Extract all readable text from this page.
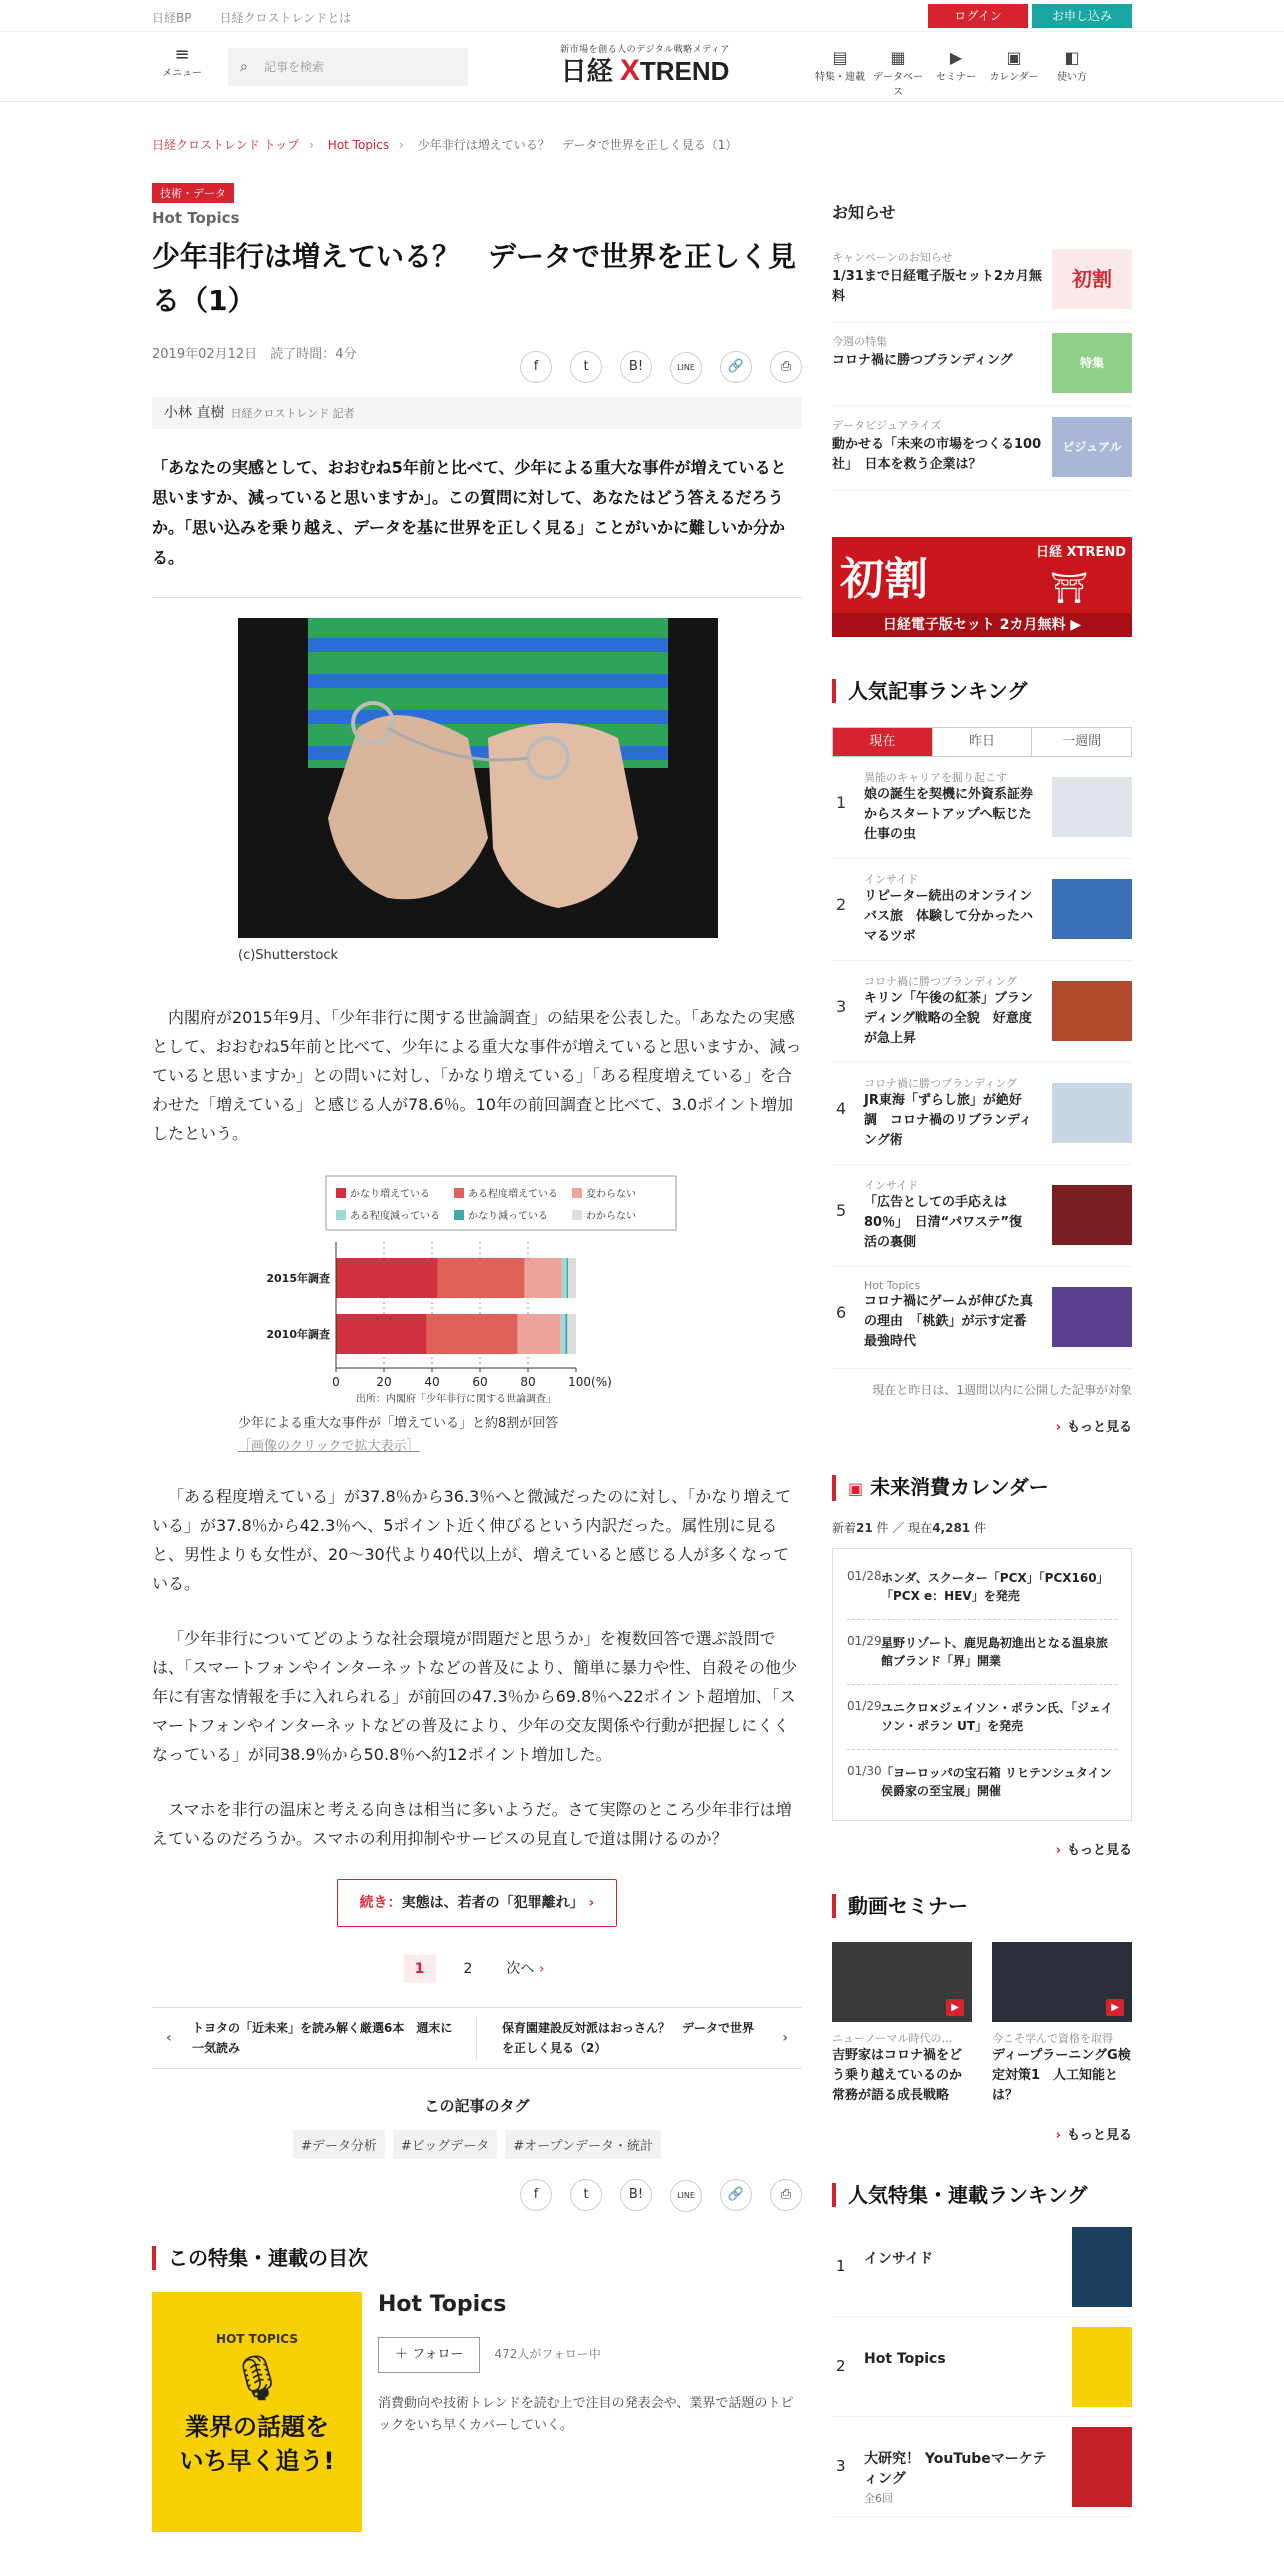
日経BP 日経クロストレンドとは	ログイン	お申し込み
≡
メニュー	⌕ 記事を検索
新市場を創る人のデジタル戦略メディア
日経 XTREND	▤
特集・連載
▦
データベース
▶
セミナー
▣
カレンダー
◧
使い方
日経クロストレンド トップ › Hot Topics › 少年非行は増えている？　データで世界を正しく見る（1）
技術・データ
Hot Topics
少年非行は増えている？　データで世界を正しく見る（1）
2019年02月12日　 読了時間：4分
f	t	B!	LINE	🔗	⎙
小林 直樹 日経クロストレンド 記者
「あなたの実感として、おおむね5年前と比べて、少年による重大な事件が増えていると思いますか、減っていると思いますか」。この質問に対して、あなたはどう答えるだろうか。「思い込みを乗り越え、データを基に世界を正しく見る」ことがいかに難しいか分かる。
(c)Shutterstock

内閣府が2015年9月、「少年非行に関する世論調査」の結果を公表した。「あなたの実感として、おおむね5年前と比べて、少年による重大な事件が増えていると思いますか、減っていると思いますか」との問いに対し、「かなり増えている」「ある程度増えている」を合わせた「増えている」と感じる人が78.6％。10年の前回調査と比べて、3.0ポイント増加したという。

かなり増えている	ある程度増えている	変わらない
ある程度減っている	かなり減っている	わからない
2015年調査
2010年調査
0	20	40	60	80	100(%)
出所：内閣府「少年非行に関する世論調査」
少年による重大な事件が「増えている」と約8割が回答
［画像のクリックで拡大表示］

「ある程度増えている」が37.8％から36.3％へと微減だったのに対し、「かなり増えている」が37.8％から42.3％へ、5ポイント近く伸びるという内訳だった。属性別に見ると、男性よりも女性が、20～30代より40代以上が、増えていると感じる人が多くなっている。

「少年非行についてどのような社会環境が問題だと思うか」を複数回答で選ぶ設問では、「スマートフォンやインターネットなどの普及により、簡単に暴力や性、自殺その他少年に有害な情報を手に入れられる」が前回の47.3％から69.8％へ22ポイント超増加、「スマートフォンやインターネットなどの普及により、少年の交友関係や行動が把握しにくくなっている」が同38.9％から50.8％へ約12ポイント増加した。

スマホを非行の温床と考える向きは相当に多いようだ。さて実際のところ少年非行は増えているのだろうか。スマホの利用抑制やサービスの見直しで道は開けるのか？

続き：実態は、若者の「犯罪離れ」 ›
1	2 次へ ›
‹
トヨタの「近未来」を読み解く厳選6本　週末に一気読み
保育園建設反対派はおっさん？　データで世界を正しく見る（2）
›
この記事のタグ
#データ分析 #ビッグデータ #オープンデータ・統計
f	t	B!	LINE	🔗	⎙
この特集・連載の目次
HOT TOPICS
🎙
業界の話題を
いち早く追う!
Hot Topics
＋ フォロー	472人がフォロー中

消費動向や技術トレンドを読む上で注目の発表会や、業界で話題のトピックをいち早くカバーしていく。

お知らせ
キャンペーンのお知らせ
1/31まで日経電子版セット2カ月無料
初割
今週の特集
コロナ禍に勝つブランディング	特集
データビジュアライズ
動かせる「未来の市場をつくる100社」　日本を救う企業は？
ビジュアル
初割	⛩
日経 XTREND
日経電子版セット 2カ月無料 ▶
人気記事ランキング
現在	昨日	一週間
1
異能のキャリアを掘り起こす
娘の誕生を契機に外資系証券からスタートアップへ転じた仕事の虫
2
インサイド
リピーター続出のオンラインバス旅　体験して分かったハマるツボ
3
コロナ禍に勝つブランディング
キリン「午後の紅茶」ブランディング戦略の全貌　好意度が急上昇
4
コロナ禍に勝つブランディング
JR東海「ずらし旅」が絶好調　コロナ禍のリブランディング術
5
インサイド
「広告としての手応えは80％」　日清“パワステ”復活の裏側
6
Hot Topics
コロナ禍にゲームが伸びた真の理由　「桃鉄」が示す定番最強時代
現在と昨日は、1週間以内に公開した記事が対象
› もっと見る
▣ 未来消費カレンダー
新着21 件 ／ 現在4,281 件
01/28 ホンダ、スクーター「PCX」「PCX160」「PCX e：HEV」を発売
01/29 星野リゾート、鹿児島初進出となる温泉旅館ブランド「界」開業
01/29 ユニクロ×ジェイソン・ポラン氏、「ジェイソン・ポラン UT」を発売
01/30 「ヨーロッパの宝石箱 リヒテンシュタイン侯爵家の至宝展」開催
› もっと見る
動画セミナー
▶
ニューノーマル時代の…
吉野家はコロナ禍をどう乗り越えているのか　常務が語る成長戦略
▶
今こそ学んで資格を取得
ディープラーニングG検定対策1　人工知能とは？
› もっと見る
人気特集・連載ランキング
1 インサイド
2 Hot Topics
3 大研究！ YouTubeマーケティング
全6回
